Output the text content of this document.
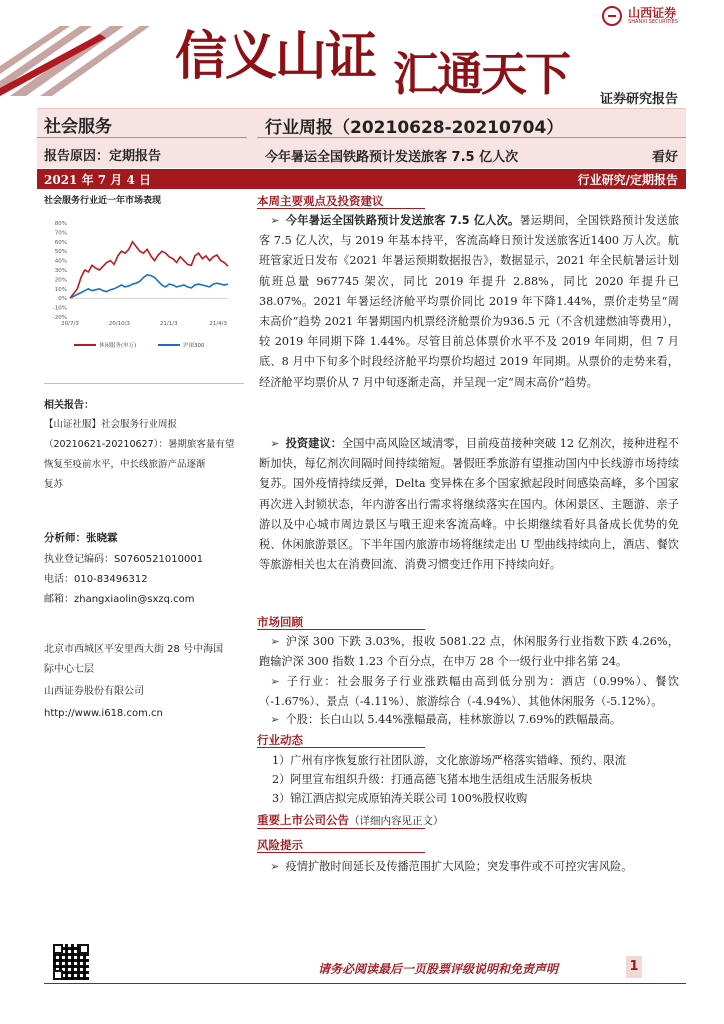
信义山证 汇通天下
山西证券
SHANXI SECURITIES
证券研究报告
社会服务	行业周报（20210628-20210704）
报告原因：定期报告	今年暑运全国铁路预计发送旅客 7.5 亿人次	看好
2021 年 7 月 4 日	行业研究/定期报告
社会服务行业近一年市场表现
80%
70%
60%
50%
40%
30%
20%
10%
0%
-10%
-20%
20/7/3	20/10/3	21/1/3	21/4/3
休闲服务(申万)	沪深300
相关报告：
【山证社服】社会服务行业周报
（20210621-20210627）：暑期旅客量有望
恢复至疫前水平，中长线旅游产品逐渐
复苏
分析师：张晓霖
执业登记编码：S0760521010001
电话：010-83496312
邮箱：zhangxiaolin@sxzq.com
北京市西城区平安里西大街 28 号中海国
际中心七层
山西证券股份有限公司
http://www.i618.com.cn
本周主要观点及投资建议
➢ 今年暑运全国铁路预计发送旅客 7.5 亿人次。暑运期间，全国铁路预计发送旅客 7.5 亿人次，与 2019 年基本持平，客流高峰日预计发送旅客近1400 万人次。航班管家近日发布《2021 年暑运预期数据报告》，数据显示，2021 年全民航暑运计划航班总量 967745 架次，同比 2019 年提升 2.88%，同比 2020 年提升已 38.07%。2021 年暑运经济舱平均票价同比 2019 年下降1.44%，票价走势呈“周末高价”趋势 2021 年暑期国内机票经济舱票价为936.5 元（不含机建燃油等费用），较 2019 年同期下降 1.44%。尽管目前总体票价水平不及 2019 年同期，但 7 月底、8 月中下旬多个时段经济舱平均票价均超过 2019 年同期。从票价的走势来看，经济舱平均票价从 7 月中旬逐渐走高，并呈现一定“周末高价”趋势。
➢ 投资建议：全国中高风险区域清零，目前疫苗接种突破 12 亿剂次，接种进程不断加快，每亿剂次间隔时间持续缩短。暑假旺季旅游有望推动国内中长线游市场持续复苏。国外疫情持续反弹，Delta 变异株在多个国家掀起段时间感染高峰，多个国家再次进入封锁状态，年内游客出行需求将继续落实在国内。休闲景区、主题游、亲子游以及中心城市周边景区与哦王迎来客流高峰。中长期继续看好具备成长优势的免税、休闲旅游景区。下半年国内旅游市场将继续走出 U 型曲线持续向上，酒店、餐饮等旅游相关也太在消费回流、消费习惯变迁作用下持续向好。
市场回顾
➢ 沪深 300 下跌 3.03%，报收 5081.22 点，休闲服务行业指数下跌 4.26%，跑输沪深 300 指数 1.23 个百分点，在申万 28 个一级行业中排名第 24。
➢ 子行业：社会服务子行业涨跌幅由高到低分别为：酒店（0.99%）、餐饮（-1.67%）、景点（-4.11%）、旅游综合（-4.94%）、其他休闲服务（-5.12%）。
➢ 个股：长白山以 5.44%涨幅最高，桂林旅游以 7.69%的跌幅最高。
行业动态
1）广州有序恢复旅行社团队游，文化旅游场严格落实错峰、预约、限流
2）阿里宣布组织升级：打通高德飞猪本地生活组成生活服务板块
3）锦江酒店拟完成原铂涛关联公司 100%股权收购
重要上市公司公告（详细内容见正文）
风险提示
➢ 疫情扩散时间延长及传播范围扩大风险；突发事件或不可控灾害风险。
请务必阅读最后一页股票评级说明和免责声明	1
